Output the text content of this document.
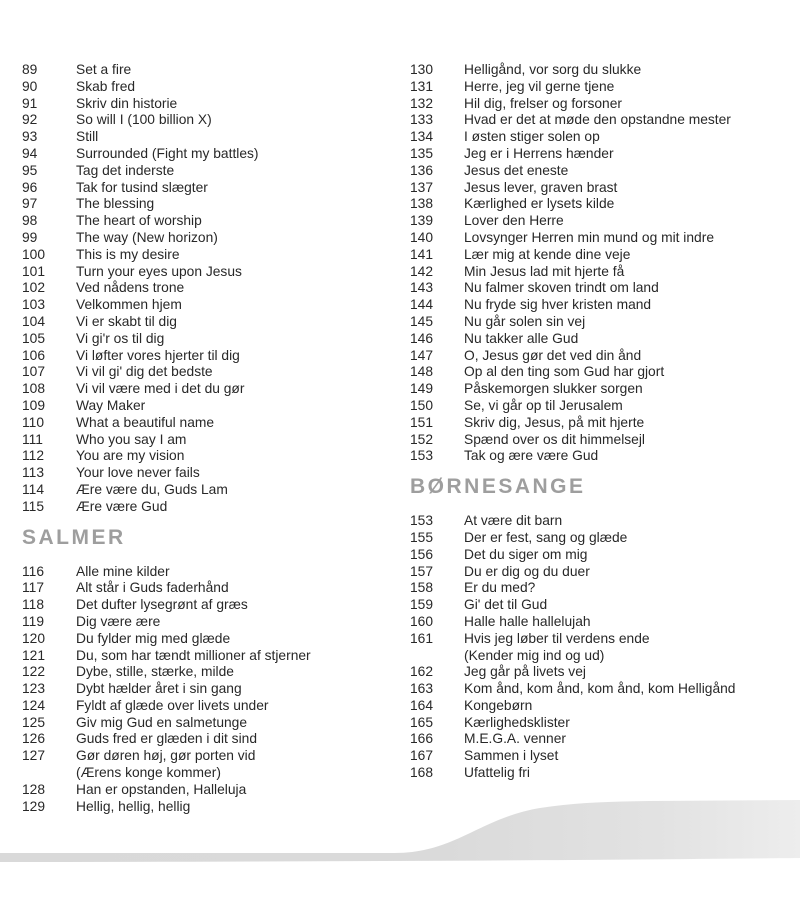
89	Set a fire
90	Skab fred
91	Skriv din historie
92	So will I (100 billion X)
93	Still
94	Surrounded (Fight my battles)
95	Tag det inderste
96	Tak for tusind slægter
97	The blessing
98	The heart of worship
99	The way (New horizon)
100	This is my desire
101	Turn your eyes upon Jesus
102	Ved nådens trone
103	Velkommen hjem
104	Vi er skabt til dig
105	Vi gi'r os til dig
106	Vi løfter vores hjerter til dig
107	Vi vil gi' dig det bedste
108	Vi vil være med i det du gør
109	Way Maker
110	What a beautiful name
111	Who you say I am
112	You are my vision
113	Your love never fails
114	Ære være du, Guds Lam
115	Ære være Gud
SALMER
116	Alle mine kilder
117	Alt står i Guds faderhånd
118	Det dufter lysegrønt af græs
119	Dig være ære
120	Du fylder mig med glæde
121	Du, som har tændt millioner af stjerner
122	Dybe, stille, stærke, milde
123	Dybt hælder året i sin gang
124	Fyldt af glæde over livets under
125	Giv mig Gud en salmetunge
126	Guds fred er glæden i dit sind
127	Gør døren høj, gør porten vid
(Ærens konge kommer)
128	Han er opstanden, Halleluja
129	Hellig, hellig, hellig
130	Helligånd, vor sorg du slukke
131	Herre, jeg vil gerne tjene
132	Hil dig, frelser og forsoner
133	Hvad er det at møde den opstandne mester
134	I østen stiger solen op
135	Jeg er i Herrens hænder
136	Jesus det eneste
137	Jesus lever, graven brast
138	Kærlighed er lysets kilde
139	Lover den Herre
140	Lovsynger Herren min mund og mit indre
141	Lær mig at kende dine veje
142	Min Jesus lad mit hjerte få
143	Nu falmer skoven trindt om land
144	Nu fryde sig hver kristen mand
145	Nu går solen sin vej
146	Nu takker alle Gud
147	O, Jesus gør det ved din ånd
148	Op al den ting som Gud har gjort
149	Påskemorgen slukker sorgen
150	Se, vi går op til Jerusalem
151	Skriv dig, Jesus, på mit hjerte
152	Spænd over os dit himmelsejl
153	Tak og ære være Gud
BØRNESANGE
153	At være dit barn
155	Der er fest, sang og glæde
156	Det du siger om mig
157	Du er dig og du duer
158	Er du med?
159	Gi' det til Gud
160	Halle halle hallelujah
161	Hvis jeg løber til verdens ende
(Kender mig ind og ud)
162	Jeg går på livets vej
163	Kom ånd, kom ånd, kom ånd, kom Helligånd
164	Kongebørn
165	Kærlighedsklister
166	M.E.G.A. venner
167	Sammen i lyset
168	Ufattelig fri
